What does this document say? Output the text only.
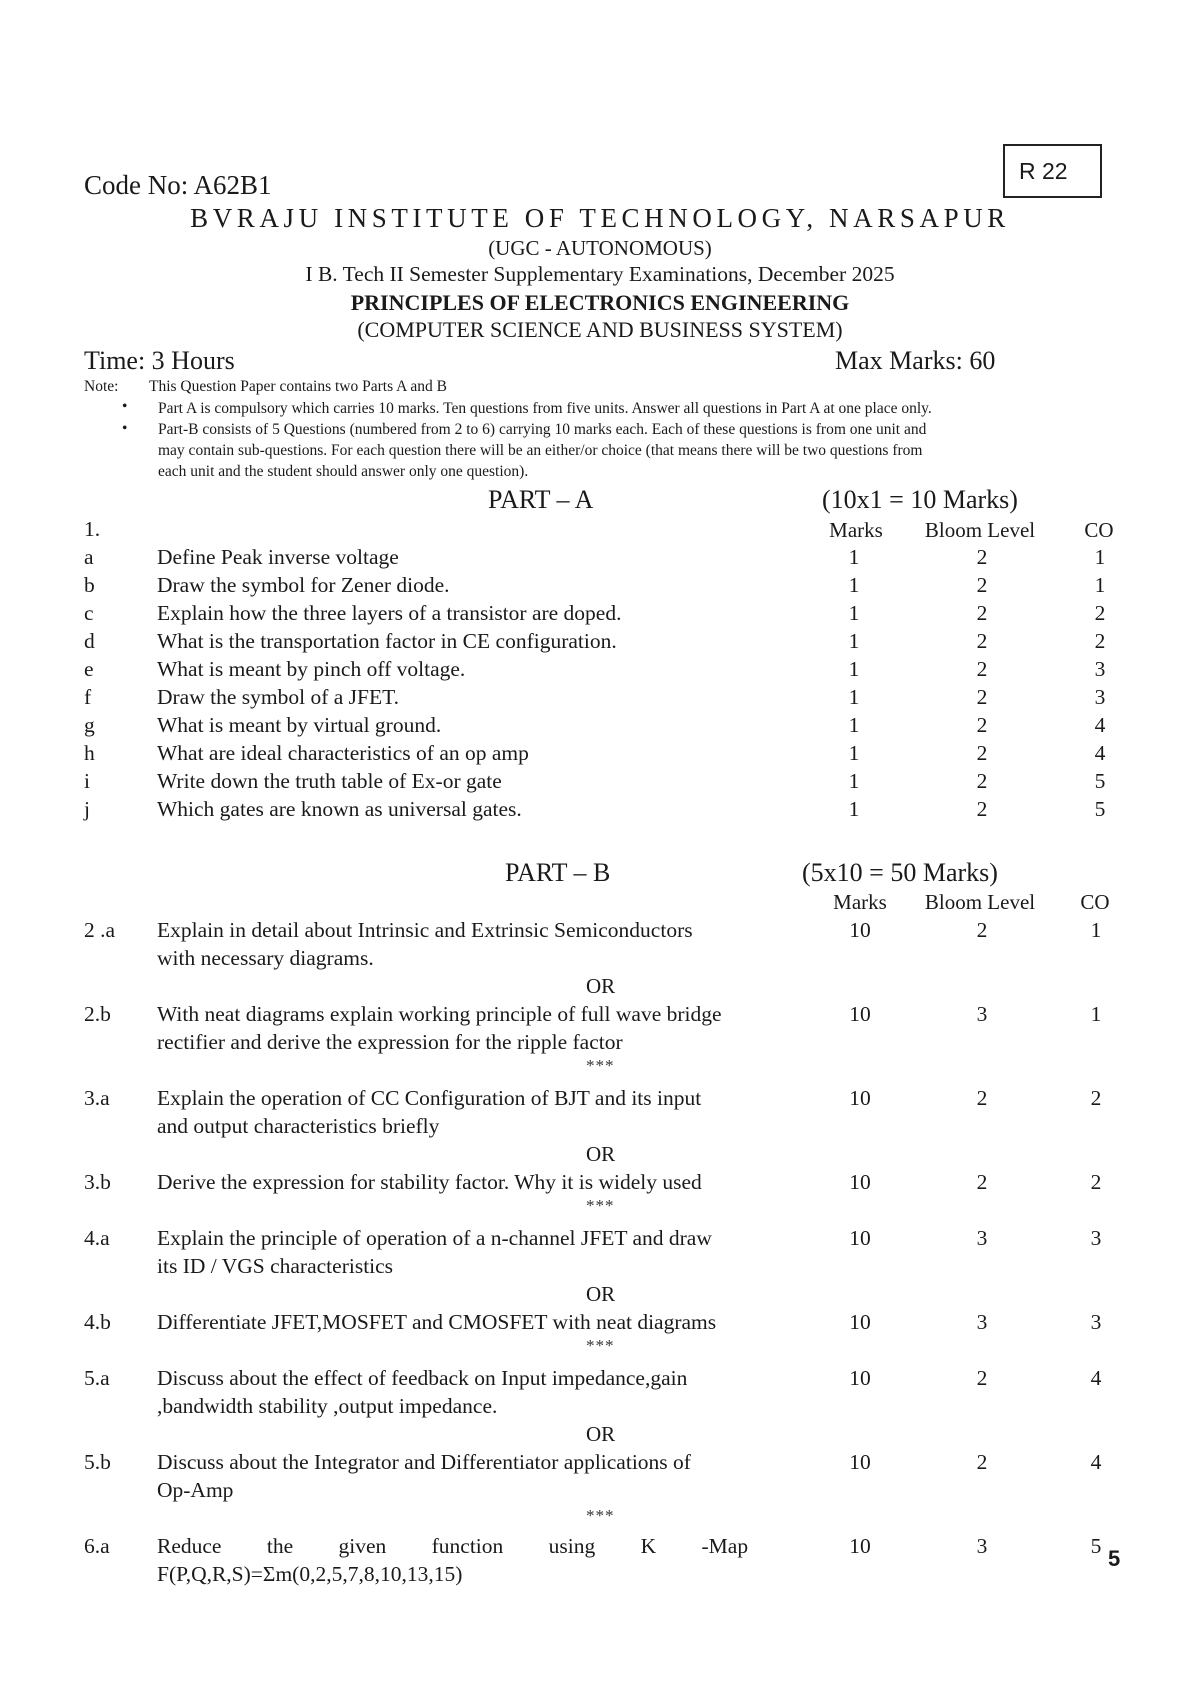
R 22
Code No: A62B1
BVRAJU INSTITUTE OF TECHNOLOGY, NARSAPUR
(UGC - AUTONOMOUS)
I B. Tech II Semester Supplementary Examinations, December 2025
PRINCIPLES OF ELECTRONICS ENGINEERING
(COMPUTER SCIENCE AND BUSINESS SYSTEM)
Time: 3 Hours	Max Marks: 60
Note: This Question Paper contains two Parts A and B
• Part A is compulsory which carries 10 marks. Ten questions from five units. Answer all questions in Part A at one place only.
• Part-B consists of 5 Questions (numbered from 2 to 6) carrying 10 marks each. Each of these questions is from one unit and
may contain sub-questions. For each question there will be an either/or choice (that means there will be two questions from
each unit and the student should answer only one question).
PART – A	(10x1 = 10 Marks)
1.	Marks	Bloom Level	CO
a	Define Peak inverse voltage	1	2	1
b	Draw the symbol for Zener diode.	1	2	1
c	Explain how the three layers of a transistor are doped.	1	2	2
d	What is the transportation factor in CE configuration.	1	2	2
e	What is meant by pinch off voltage.	1	2	3
f	Draw the symbol of a JFET.	1	2	3
g	What is meant by virtual ground.	1	2	4
h	What are ideal characteristics of an op amp	1	2	4
i	Write down the truth table of Ex-or gate	1	2	5
j	Which gates are known as universal gates.	1	2	5
PART – B	(5x10 = 50 Marks)
Marks	Bloom Level	CO
2 .a Explain in detail about Intrinsic and Extrinsic Semiconductors
with necessary diagrams.
10	2	1
OR
2.b With neat diagrams explain working principle of full wave bridge
rectifier and derive the expression for the ripple factor
10	3	1
***
3.a Explain the operation of CC Configuration of BJT and its input
and output characteristics briefly
10	2	2
OR
3.b Derive the expression for stability factor. Why it is widely used	10	2	2
***
4.a Explain the principle of operation of a n-channel JFET and draw
its ID / VGS characteristics
10	3	3
OR
4.b Differentiate JFET,MOSFET and CMOSFET with neat diagrams	10	3	3
***
5.a Discuss about the effect of feedback on Input impedance,gain
,bandwidth stability ,output impedance.
10	2	4
OR
5.b Discuss about the Integrator and Differentiator applications of
Op-Amp
10	2	4
***
6.a Reduce the given function using K -Map
F(P,Q,R,S)=Σm(0,2,5,7,8,10,13,15)
10	3	5 5
